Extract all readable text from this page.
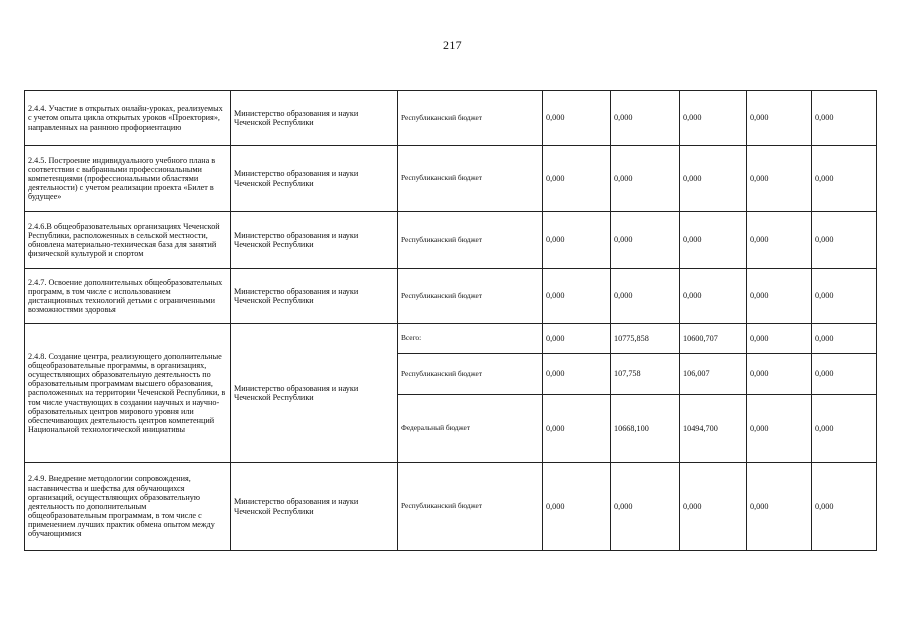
217
2.4.4. Участие в открытых онлайн-уроках, реализуемых с учетом опыта цикла открытых уроков «Проектория», направленных на раннюю профориентацию	Министерство образования и науки Чеченской Республики	Республиканский бюджет	0,000	0,000	0,000	0,000	0,000
2.4.5. Построение индивидуального учебного плана в соответствии с выбранными профессиональными компетенциями (профессиональными областями деятельности) с учетом реализации проекта «Билет в будущее»	Министерство образования и науки Чеченской Республики	Республиканский бюджет	0,000	0,000	0,000	0,000	0,000
2.4.6.В общеобразовательных организациях Чеченской Республики, расположенных в сельской местности, обновлена материально-техническая база для занятий физической культурой и спортом	Министерство образования и науки Чеченской Республики	Республиканский бюджет	0,000	0,000	0,000	0,000	0,000
2.4.7. Освоение дополнительных общеобразовательных программ, в том числе с использованием дистанционных технологий детьми с ограниченными возможностями здоровья	Министерство образования и науки Чеченской Республики	Республиканский бюджет	0,000	0,000	0,000	0,000	0,000
2.4.8. Создание центра, реализующего дополнительные общеобразовательные программы, в организациях, осуществляющих образовательную деятельность по образовательным программам высшего образования, расположенных на территории Чеченской Республики, в том числе участвующих в создании научных и научно-образовательных центров мирового уровня или обеспечивающих деятельность центров компетенций Национальной технологической инициативы	Министерство образования и науки Чеченской Республики	Всего:	0,000	10775,858	10600,707	0,000	0,000
		Республиканский бюджет	0,000	107,758	106,007	0,000	0,000
		Федеральный бюджет	0,000	10668,100	10494,700	0,000	0,000
2.4.9. Внедрение методологии сопровождения, наставничества и шефства для обучающихся организаций, осуществляющих образовательную деятельность по дополнительным общеобразовательным программам, в том числе с применением лучших практик обмена опытом между обучающимися	Министерство образования и науки Чеченской Республики	Республиканский бюджет	0,000	0,000	0,000	0,000	0,000
